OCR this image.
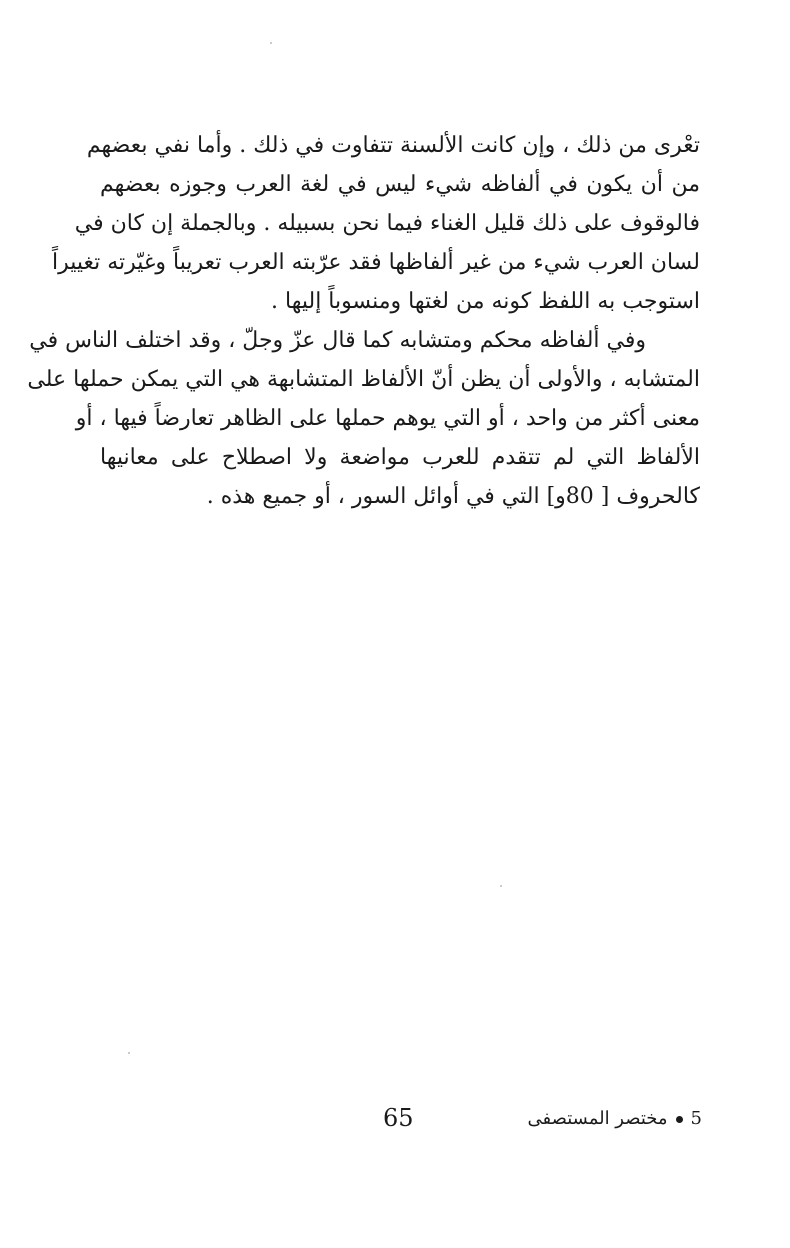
تعْرى من ذلك ، وإن كانت الألسنة تتفاوت في ذلك . وأما نفي بعضهم
من أن يكون في ألفاظه شيء ليس في لغة العرب وجوزه بعضهم
فالوقوف على ذلك قليل الغناء فيما نحن بسبيله . وبالجملة إن كان في
لسان العرب شيء من غير ألفاظها فقد عرّبته العرب تعريباً وغيّرته تغييراً
استوجب به اللفظ كونه من لغتها ومنسوباً إليها .
وفي ألفاظه محكم ومتشابه كما قال عزّ وجلّ ، وقد اختلف الناس في
المتشابه ، والأولى أن يظن أنّ الألفاظ المتشابهة هي التي يمكن حملها على
معنى أكثر من واحد ، أو التي يوهم حملها على الظاهر تعارضاً فيها ، أو
الألفاظ التي لم تتقدم للعرب مواضعة ولا اصطلاح على معانيها
كالحروف [ 80و] التي في أوائل السور ، أو جميع هذه .
65	5مختصر المستصفى
